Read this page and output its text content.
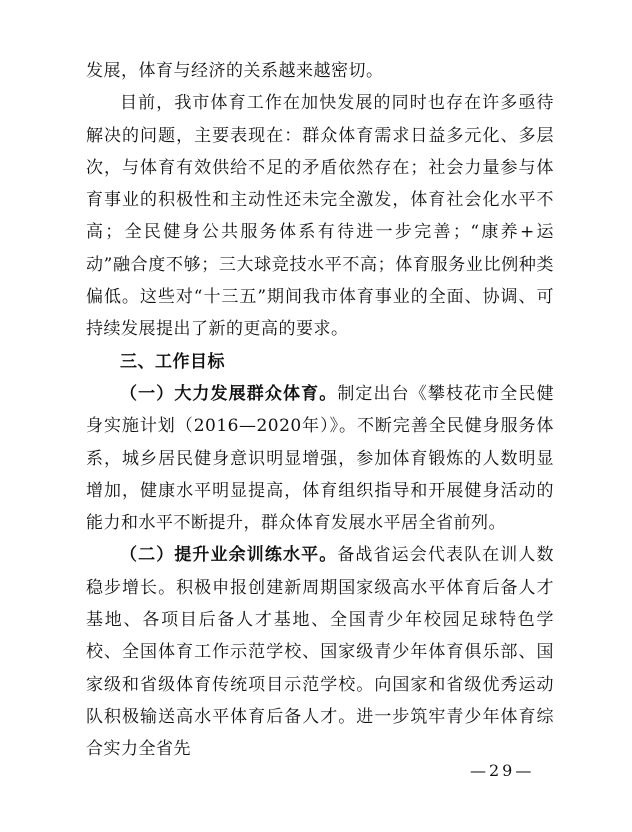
发展，体育与经济的关系越来越密切。

目前，我市体育工作在加快发展的同时也存在许多亟待解决的问题，主要表现在：群众体育需求日益多元化、多层次，与体育有效供给不足的矛盾依然存在；社会力量参与体育事业的积极性和主动性还未完全激发，体育社会化水平不高；全民健身公共服务体系有待进一步完善；“康养+运动”融合度不够；三大球竞技水平不高；体育服务业比例种类偏低。这些对“十三五”期间我市体育事业的全面、协调、可持续发展提出了新的更高的要求。

三、工作目标

（一）大力发展群众体育。制定出台《攀枝花市全民健身实施计划（2016—2020年）》。不断完善全民健身服务体系，城乡居民健身意识明显增强，参加体育锻炼的人数明显增加，健康水平明显提高，体育组织指导和开展健身活动的能力和水平不断提升，群众体育发展水平居全省前列。

（二）提升业余训练水平。备战省运会代表队在训人数稳步增长。积极申报创建新周期国家级高水平体育后备人才基地、各项目后备人才基地、全国青少年校园足球特色学校、全国体育工作示范学校、国家级青少年体育俱乐部、国家级和省级体育传统项目示范学校。向国家和省级优秀运动队积极输送高水平体育后备人才。进一步筑牢青少年体育综合实力全省先

—29—
